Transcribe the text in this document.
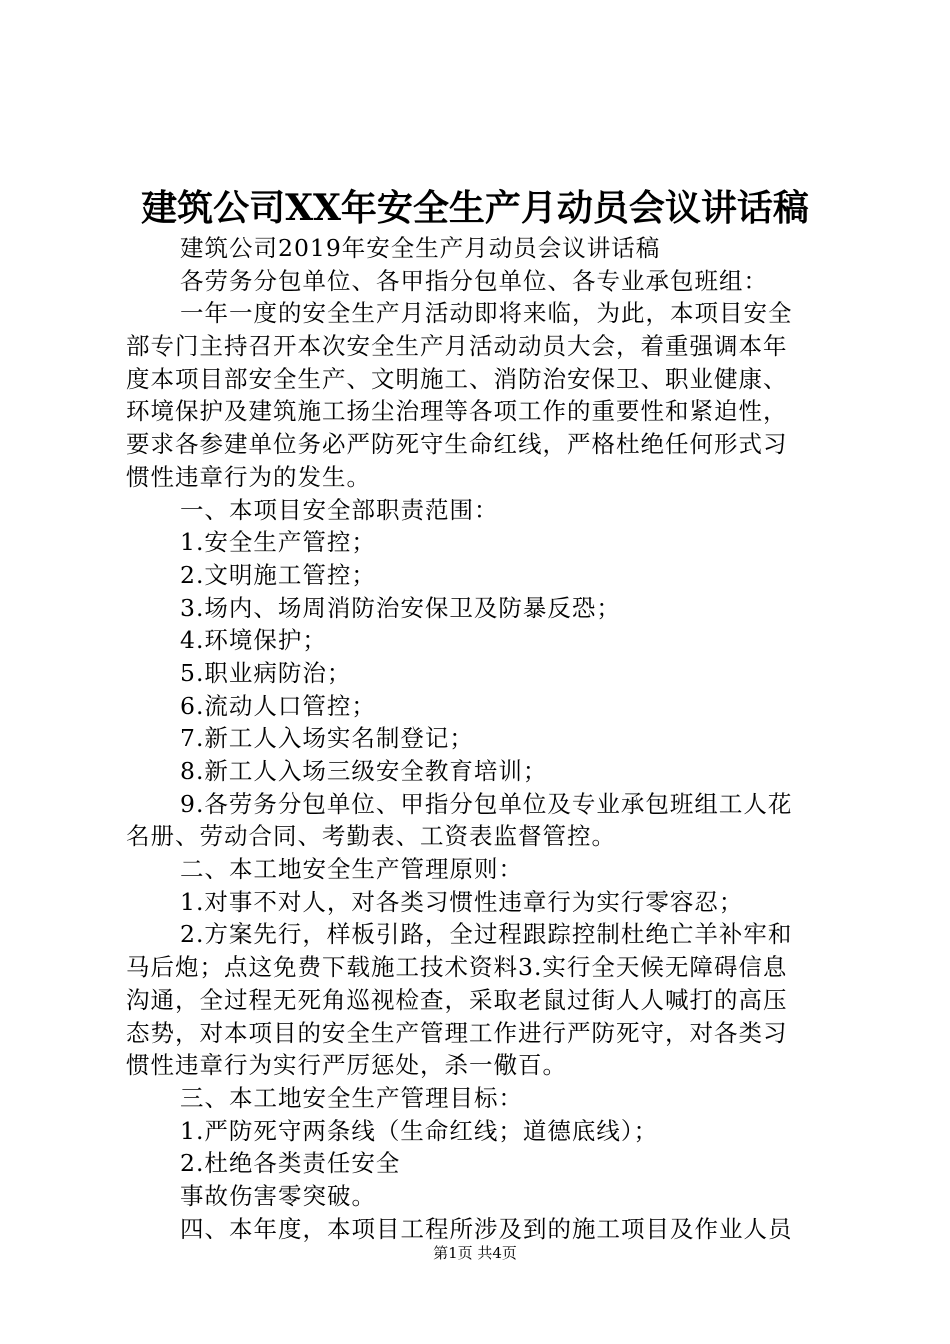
建筑公司XX年安全生产月动员会议讲话稿
建筑公司2019年安全生产月动员会议讲话稿
各劳务分包单位、各甲指分包单位、各专业承包班组：
一年一度的安全生产月活动即将来临，为此，本项目安全
部专门主持召开本次安全生产月活动动员大会，着重强调本年
度本项目部安全生产、文明施工、消防治安保卫、职业健康、
环境保护及建筑施工扬尘治理等各项工作的重要性和紧迫性，
要求各参建单位务必严防死守生命红线，严格杜绝任何形式习
惯性违章行为的发生。
一、本项目安全部职责范围：
1.安全生产管控；
2.文明施工管控；
3.场内、场周消防治安保卫及防暴反恐；
4.环境保护；
5.职业病防治；
6.流动人口管控；
7.新工人入场实名制登记；
8.新工人入场三级安全教育培训；
9.各劳务分包单位、甲指分包单位及专业承包班组工人花
名册、劳动合同、考勤表、工资表监督管控。
二、本工地安全生产管理原则：
1.对事不对人，对各类习惯性违章行为实行零容忍；
2.方案先行，样板引路，全过程跟踪控制杜绝亡羊补牢和
马后炮；点这免费下载施工技术资料3.实行全天候无障碍信息
沟通，全过程无死角巡视检查，采取老鼠过街人人喊打的高压
态势，对本项目的安全生产管理工作进行严防死守，对各类习
惯性违章行为实行严厉惩处，杀一儆百。
三、本工地安全生产管理目标：
1.严防死守两条线（生命红线；道德底线）；
2.杜绝各类责任安全
事故伤害零突破。
四、本年度，本项目工程所涉及到的施工项目及作业人员
第1页 共4页
